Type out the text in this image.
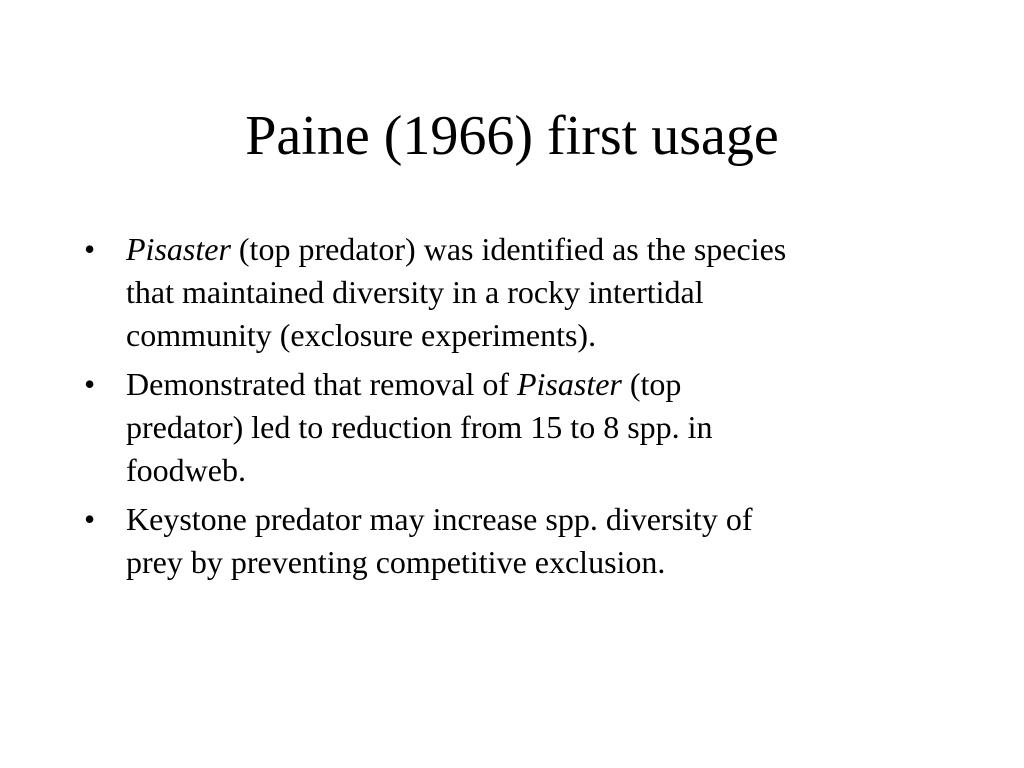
Paine (1966) first usage
• Pisaster (top predator) was identified as the species that maintained diversity in a rocky intertidal community (exclosure experiments).
• Demonstrated that removal of Pisaster (top predator) led to reduction from 15 to 8 spp. in foodweb.
• Keystone predator may increase spp. diversity of prey by preventing competitive exclusion.
